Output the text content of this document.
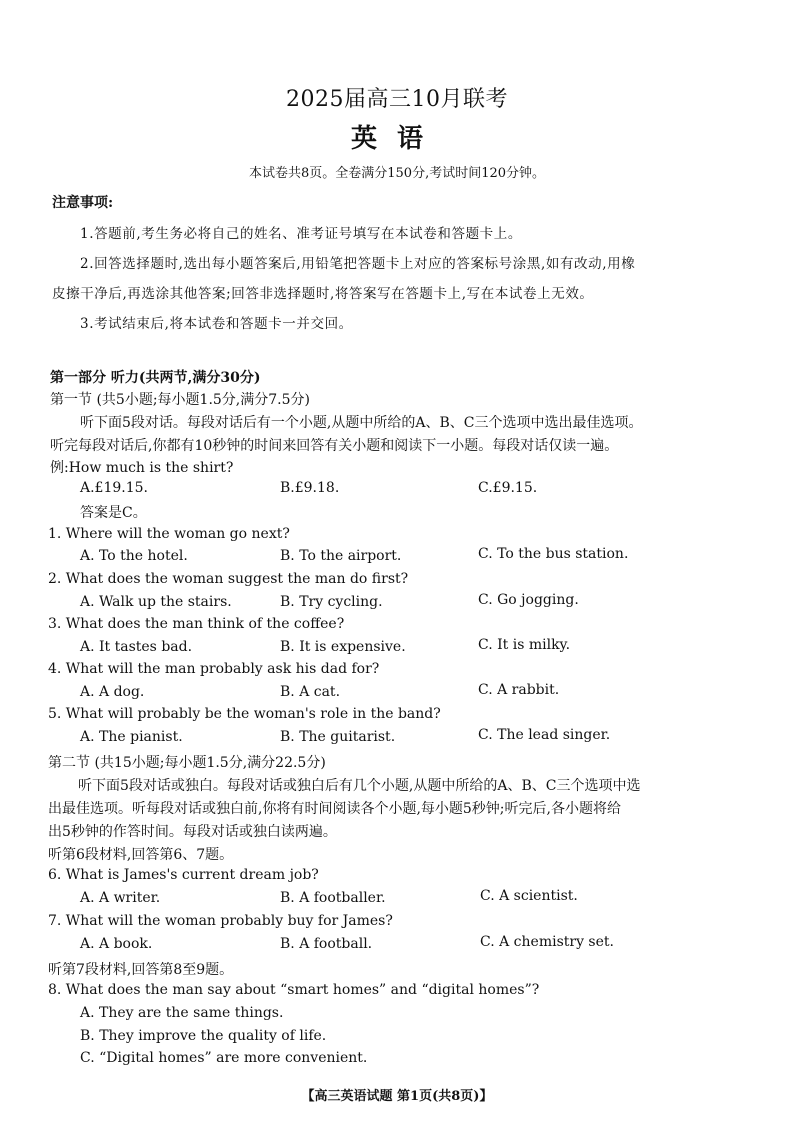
2025届高三10月联考
英语
本试卷共8页。全卷满分150分,考试时间120分钟。
注意事项:
1.答题前,考生务必将自己的姓名、准考证号填写在本试卷和答题卡上。
2.回答选择题时,选出每小题答案后,用铅笔把答题卡上对应的答案标号涂黑,如有改动,用橡
皮擦干净后,再选涂其他答案;回答非选择题时,将答案写在答题卡上,写在本试卷上无效。
3.考试结束后,将本试卷和答题卡一并交回。
第一部分 听力(共两节,满分30分)
第一节 (共5小题;每小题1.5分,满分7.5分)
听下面5段对话。每段对话后有一个小题,从题中所给的A、B、C三个选项中选出最佳选项。
听完每段对话后,你都有10秒钟的时间来回答有关小题和阅读下一小题。每段对话仅读一遍。
例:How much is the shirt?
A.£19.15.	B.£9.18.	C.£9.15.
答案是C。
1. Where will the woman go next?
A. To the hotel.	B. To the airport.	C. To the bus station.
2. What does the woman suggest the man do first?
A. Walk up the stairs.	B. Try cycling.	C. Go jogging.
3. What does the man think of the coffee?
A. It tastes bad.	B. It is expensive.	C. It is milky.
4. What will the man probably ask his dad for?
A. A dog.	B. A cat.	C. A rabbit.
5. What will probably be the woman's role in the band?
A. The pianist.	B. The guitarist.	C. The lead singer.
第二节 (共15小题;每小题1.5分,满分22.5分)
听下面5段对话或独白。每段对话或独白后有几个小题,从题中所给的A、B、C三个选项中选
出最佳选项。听每段对话或独白前,你将有时间阅读各个小题,每小题5秒钟;听完后,各小题将给
出5秒钟的作答时间。每段对话或独白读两遍。
听第6段材料,回答第6、7题。
6. What is James's current dream job?
A. A writer.	B. A footballer.	C. A scientist.
7. What will the woman probably buy for James?
A. A book.	B. A football.	C. A chemistry set.
听第7段材料,回答第8至9题。
8. What does the man say about “smart homes” and “digital homes”?
A. They are the same things.
B. They improve the quality of life.
C. “Digital homes” are more convenient.
【高三英语试题 第1页(共8页)】
